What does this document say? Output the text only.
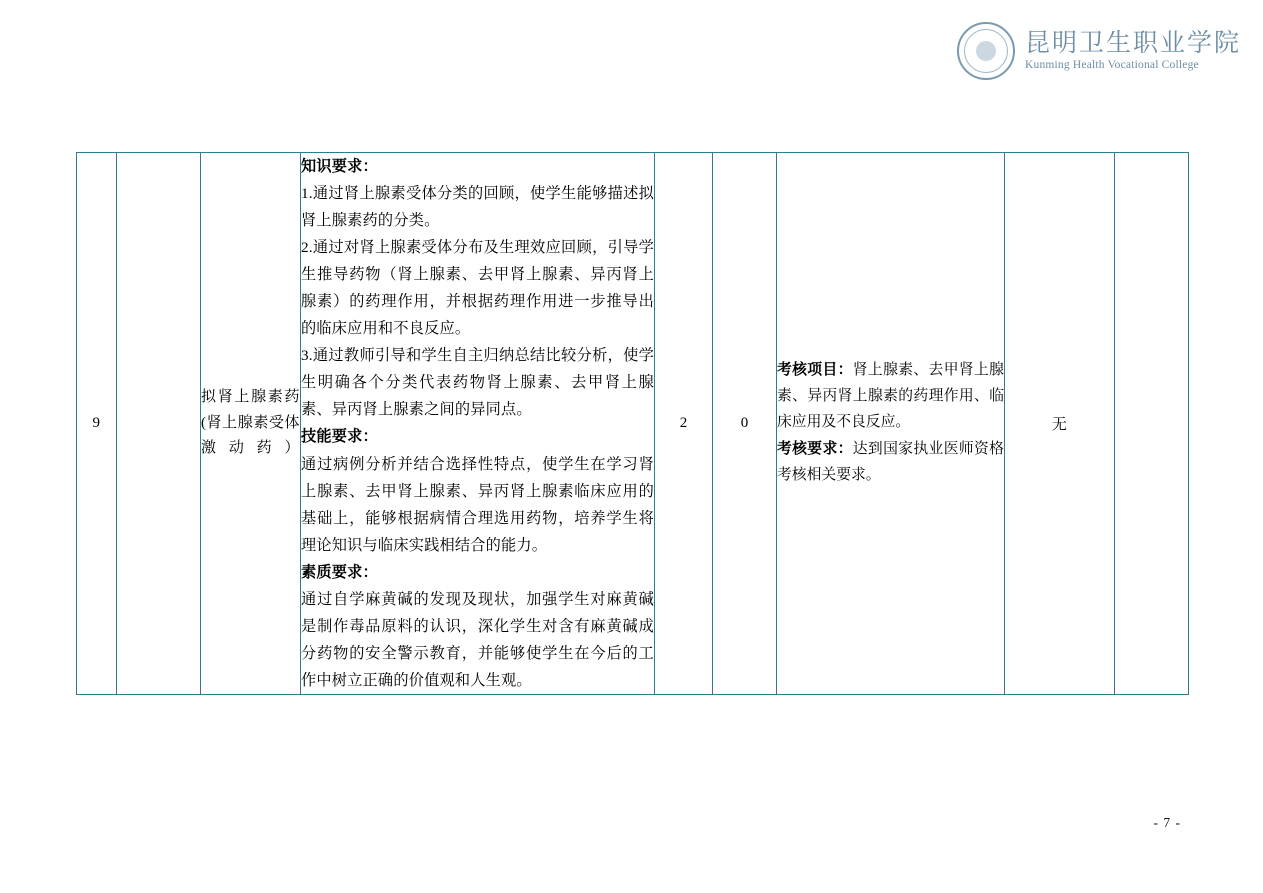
昆明卫生职业学院
Kunming Health Vocational College
9		拟肾上腺素药(肾上腺素受体激动药）	

知识要求：

1.通过肾上腺素受体分类的回顾，使学生能够描述拟肾上腺素药的分类。

2.通过对肾上腺素受体分布及生理效应回顾，引导学生推导药物（肾上腺素、去甲肾上腺素、异丙肾上腺素）的药理作用，并根据药理作用进一步推导出的临床应用和不良反应。

3.通过教师引导和学生自主归纳总结比较分析，使学生明确各个分类代表药物肾上腺素、去甲肾上腺素、异丙肾上腺素之间的异同点。

技能要求：

通过病例分析并结合选择性特点，使学生在学习肾上腺素、去甲肾上腺素、异丙肾上腺素临床应用的基础上，能够根据病情合理选用药物，培养学生将理论知识与临床实践相结合的能力。

素质要求：

通过自学麻黄碱的发现及现状，加强学生对麻黄碱是制作毒品原料的认识，深化学生对含有麻黄碱成分药物的安全警示教育，并能够使学生在今后的工作中树立正确的价值观和人生观。

	2	0	

考核项目：肾上腺素、去甲肾上腺素、异丙肾上腺素的药理作用、临床应用及不良反应。

考核要求：达到国家执业医师资格考核相关要求。

	无	
- 7 -
